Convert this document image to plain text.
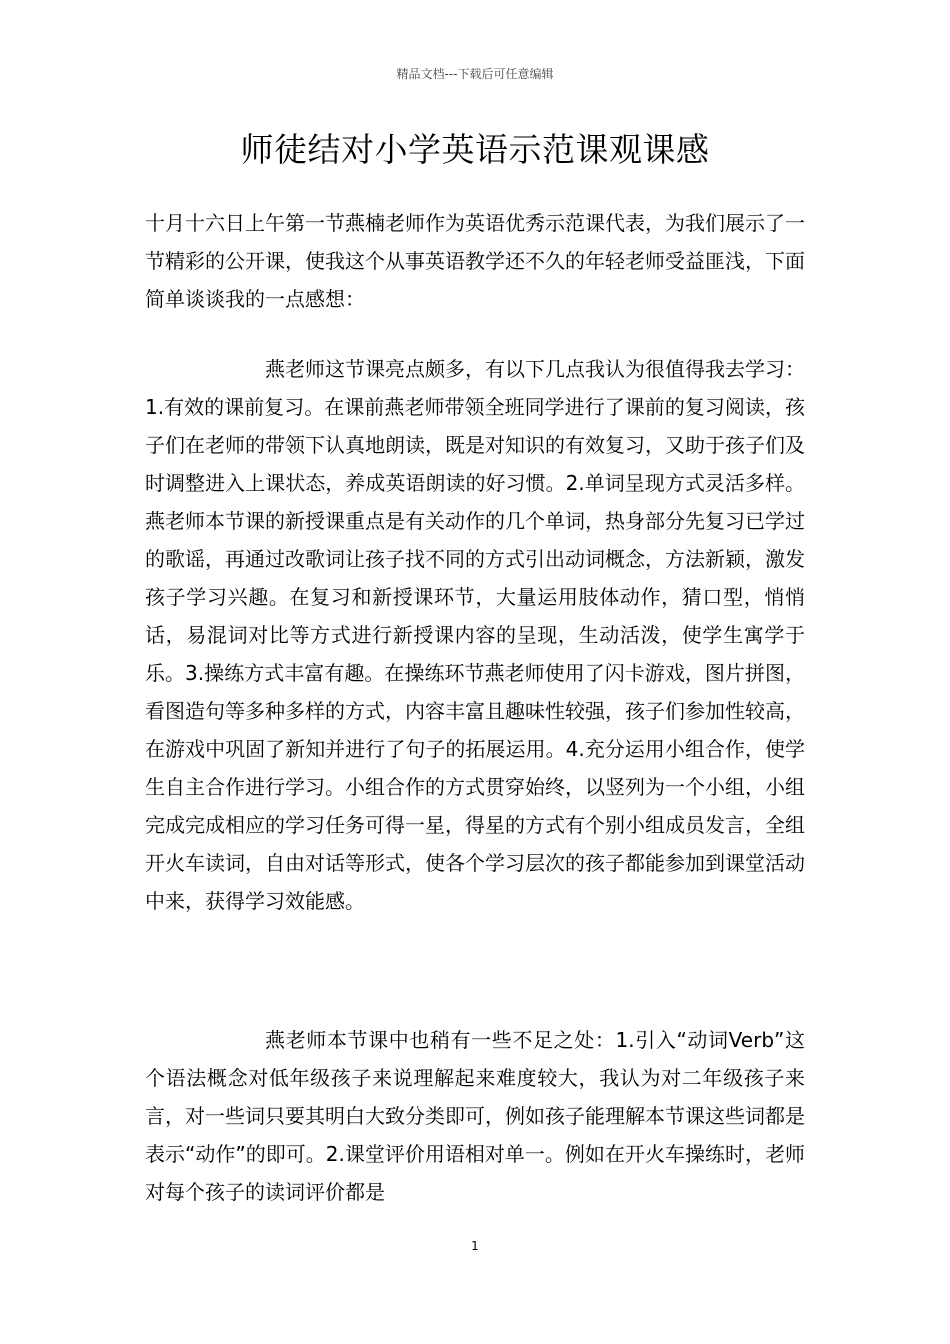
精品文档---下载后可任意编辑
师徒结对小学英语示范课观课感

十月十六日上午第一节燕楠老师作为英语优秀示范课代表，为我们展示了一节精彩的公开课，使我这个从事英语教学还不久的年轻老师受益匪浅，下面简单谈谈我的一点感想：

燕老师这节课亮点颇多，有以下几点我认为很值得我去学习：1.有效的课前复习。在课前燕老师带领全班同学进行了课前的复习阅读，孩子们在老师的带领下认真地朗读，既是对知识的有效复习，又助于孩子们及时调整进入上课状态，养成英语朗读的好习惯。2.单词呈现方式灵活多样。燕老师本节课的新授课重点是有关动作的几个单词，热身部分先复习已学过的歌谣，再通过改歌词让孩子找不同的方式引出动词概念，方法新颖，激发孩子学习兴趣。在复习和新授课环节，大量运用肢体动作，猜口型，悄悄话，易混词对比等方式进行新授课内容的呈现，生动活泼，使学生寓学于乐。3.操练方式丰富有趣。在操练环节燕老师使用了闪卡游戏，图片拼图，看图造句等多种多样的方式，内容丰富且趣味性较强，孩子们参加性较高，在游戏中巩固了新知并进行了句子的拓展运用。4.充分运用小组合作，使学生自主合作进行学习。小组合作的方式贯穿始终，以竖列为一个小组，小组完成完成相应的学习任务可得一星，得星的方式有个别小组成员发言，全组开火车读词，自由对话等形式，使各个学习层次的孩子都能参加到课堂活动中来，获得学习效能感。

燕老师本节课中也稍有一些不足之处：1.引入“动词Verb”这个语法概念对低年级孩子来说理解起来难度较大，我认为对二年级孩子来言，对一些词只要其明白大致分类即可，例如孩子能理解本节课这些词都是表示“动作”的即可。2.课堂评价用语相对单一。例如在开火车操练时，老师对每个孩子的读词评价都是

1
